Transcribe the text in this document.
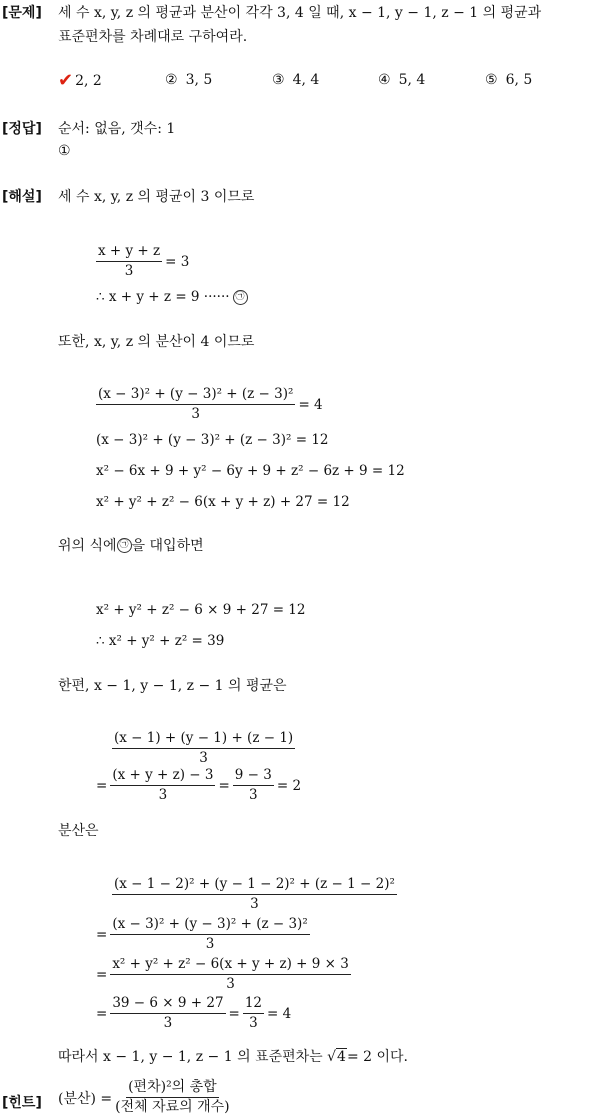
[문제] 세 수 x, y, z 의 평균과 분산이 각각 3, 4 일 때, x − 1, y − 1, z − 1 의 평균과
표준편차를 차례대로 구하여라.
✔ 2, 2	② 3, 5	③ 4, 4	④ 5, 4	⑤ 6, 5
[정답] 순서: 없음, 갯수: 1
①
[해설] 세 수 x, y, z 의 평균이 3 이므로
$\frac{x + y + z}{3} = 3$
∴ x + y + z = 9 ······ ㉠
또한, x, y, z 의 분산이 4 이므로
$\frac{\text{(x − 3)² + (y − 3)² + (z − 3)²}}{3} = 4$
(x − 3)² + (y − 3)² + (z − 3)² = 12
x² − 6x + 9 + y² − 6y + 9 + z² − 6z + 9 = 12
x² + y² + z² − 6(x + y + z) + 27 = 12
위의 식에 ㉠ 을 대입하면
x² + y² + z² − 6 × 9 + 27 = 12
∴ x² + y² + z² = 39
한편, x − 1, y − 1, z − 1 의 평균은
$\frac{(x - 1) + (y - 1) + (z - 1)}{3}$
= $\frac{(x + y + z) - 3}{3} = \frac{9 - 3}{3} = 2$
분산은
$\frac{\text{(x − 1 − 2)² + (y − 1 − 2)² + (z − 1 − 2)²}}{3}$
= $\frac{\text{(x − 3)² + (y − 3)² + (z − 3)²}}{3}$
= $\frac{\text{x² + y² + z² − 6(x + y + z) + 9 × 3}}{3}$
= $\frac{39 - 6 \times 9 + 27}{3} = \frac{12}{3} = 4$
따라서 x − 1, y − 1, z − 1 의 표준편차는 √ 4 = 2 이다.
[힌트] (분산) = $\frac{\text{(편차)²의 총합}}{\text{(전체 자료의 개수)}}$
